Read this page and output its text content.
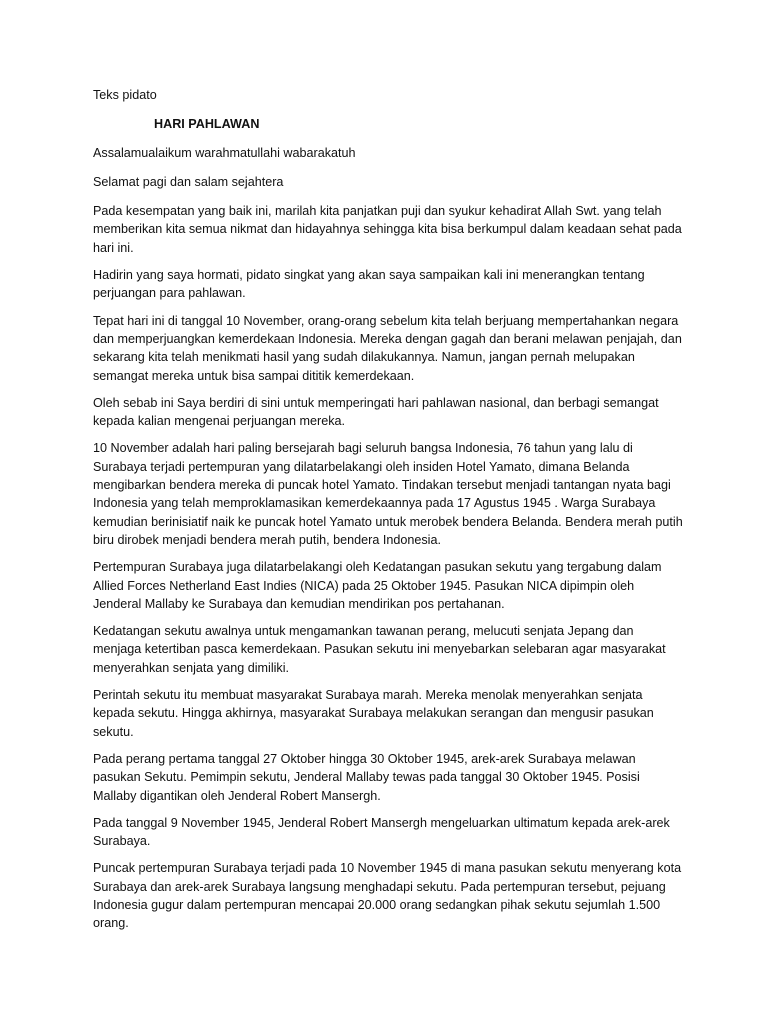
Teks pidato
HARI PAHLAWAN
Assalamualaikum warahmatullahi wabarakatuh
Selamat pagi dan salam sejahtera
Pada kesempatan yang baik ini, marilah kita panjatkan puji dan syukur kehadirat Allah Swt. yang telah memberikan kita semua nikmat dan hidayahnya sehingga kita bisa berkumpul dalam keadaan sehat pada hari ini.
Hadirin yang saya hormati, pidato singkat yang akan saya sampaikan kali ini menerangkan tentang perjuangan para pahlawan.
Tepat hari ini di tanggal 10 November, orang-orang sebelum kita telah berjuang mempertahankan negara dan memperjuangkan kemerdekaan Indonesia. Mereka dengan gagah dan berani melawan penjajah, dan sekarang kita telah menikmati hasil yang sudah dilakukannya. Namun, jangan pernah melupakan semangat mereka untuk bisa sampai dititik kemerdekaan.
Oleh sebab ini Saya berdiri di sini untuk memperingati hari pahlawan nasional, dan berbagi semangat kepada kalian mengenai perjuangan mereka.
10 November adalah hari paling bersejarah bagi seluruh bangsa Indonesia, 76 tahun yang lalu di Surabaya terjadi pertempuran yang dilatarbelakangi oleh insiden Hotel Yamato, dimana Belanda mengibarkan bendera mereka di puncak hotel Yamato. Tindakan tersebut menjadi tantangan nyata bagi Indonesia yang telah memproklamasikan kemerdekaannya pada 17 Agustus 1945 . Warga Surabaya kemudian berinisiatif naik ke puncak hotel Yamato untuk merobek bendera Belanda. Bendera merah putih biru dirobek menjadi bendera merah putih, bendera Indonesia.
Pertempuran Surabaya juga dilatarbelakangi oleh Kedatangan pasukan sekutu yang tergabung dalam Allied Forces Netherland East Indies (NICA) pada 25 Oktober 1945. Pasukan NICA dipimpin oleh Jenderal Mallaby ke Surabaya dan kemudian mendirikan pos pertahanan.
Kedatangan sekutu awalnya untuk mengamankan tawanan perang, melucuti senjata Jepang dan menjaga ketertiban pasca kemerdekaan. Pasukan sekutu ini menyebarkan selebaran agar masyarakat menyerahkan senjata yang dimiliki.
Perintah sekutu itu membuat masyarakat Surabaya marah. Mereka menolak menyerahkan senjata kepada sekutu. Hingga akhirnya, masyarakat Surabaya melakukan serangan dan mengusir pasukan sekutu.
Pada perang pertama tanggal 27 Oktober hingga 30 Oktober 1945, arek-arek Surabaya melawan pasukan Sekutu. Pemimpin sekutu, Jenderal Mallaby tewas pada tanggal 30 Oktober 1945. Posisi Mallaby digantikan oleh Jenderal Robert Mansergh.
Pada tanggal 9 November 1945, Jenderal Robert Mansergh mengeluarkan ultimatum kepada arek-arek Surabaya.
Puncak pertempuran Surabaya terjadi pada 10 November 1945 di mana pasukan sekutu menyerang kota Surabaya dan arek-arek Surabaya langsung menghadapi sekutu. Pada pertempuran tersebut, pejuang Indonesia gugur dalam pertempuran mencapai 20.000 orang sedangkan pihak sekutu sejumlah 1.500 orang.
